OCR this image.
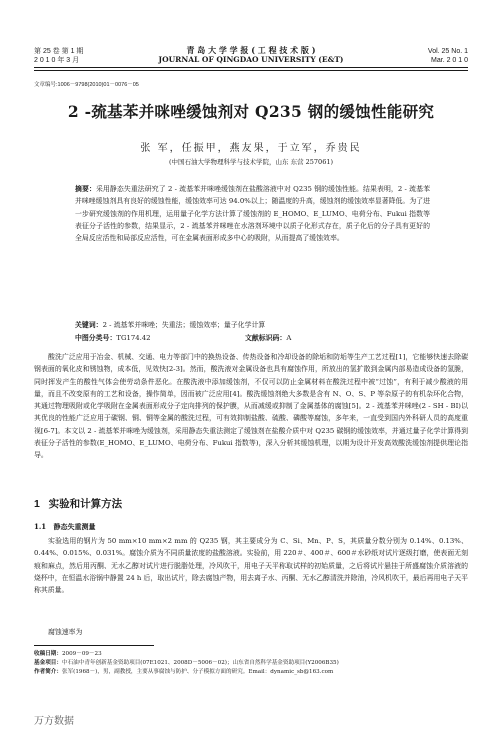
第 25 卷 第 1 期
2 0 1 0 年 3 月
青 岛 大 学 学 报 ( 工 程 技 术 版 )
JOURNAL OF QINGDAO UNIVERSITY (E&T)
Vol. 25 No. 1
Mar. 2 0 1 0
文章编号:1006－9798(2010)01－0076－05
2 -巯基苯并咪唑缓蚀剂对 Q235 钢的缓蚀性能研究
张 军，任振甲，燕友果，于立军，乔贵民
(中国石油大学物理科学与技术学院，山东 东营 257061)
摘要：采用静态失重法研究了 2 - 巯基苯并咪唑缓蚀剂在盐酸溶液中对 Q235 钢的缓蚀性能。结果表明，2 - 巯基苯并咪唑缓蚀剂具有良好的缓蚀性能，缓蚀效率可达 94.0%以上；随温度的升高，缓蚀剂的缓蚀效率显著降低。为了进一步研究缓蚀剂的作用机理，运用量子化学方法计算了缓蚀剂的 E_HOMO、E_LUMO、电荷分布、Fukui 指数等表征分子活性的参数，结果显示，2 - 巯基苯并咪唑在水溶剂环境中以质子化形式存在，质子化后的分子具有更好的全局反应活性和局部反应活性，可在金属表面形成多中心的吸附，从而提高了缓蚀效率。
关键词：2 - 巯基苯并咪唑；失重法；缓蚀效率；量子化学计算
中图分类号：TG174.42	文献标识码：A
酸洗广泛应用于冶金、机械、交通、电力等部门中的换热设备、传热设备和冷却设备的除垢和防垢等生产工艺过程[1]，它能够快速去除碳钢表面的氧化皮和锈蚀物，成本低，见效快[2-3]。然而，酸洗液对金属设备也具有腐蚀作用，所放出的氢扩散到金属内部易造成设备的氢脆，同时挥发产生的酸性气体会使劳动条件恶化。在酸洗液中添加缓蚀剂，不仅可以防止金属材料在酸洗过程中被“过蚀”，有利于减少酸液的用量，而且不改变原有的工艺和设备，操作简单，因而被广泛应用[4]。酸洗缓蚀剂绝大多数是含有 N、O、S、P 等杂原子的有机杂环化合物，其通过物理吸附或化学吸附在金属表面形成分子定向排列的保护膜，从而减缓或抑制了金属基体的腐蚀[5]。2 - 巯基苯并咪唑(2 - SH - BI)以其优良的性能广泛应用于碳钢、铜、铜等金属的酸洗过程，可有效抑制盐酸、硫酸、磷酸等腐蚀，多年来，一直受到国内外科研人员的高度重视[6-7]。本文以 2 - 巯基苯并咪唑为缓蚀剂，采用静态失重法测定了缓蚀剂在盐酸介质中对 Q235 碳钢的缓蚀效率，并通过量子化学计算得到表征分子活性的参数(E_HOMO、E_LUMO、电荷分布、Fukui 指数等)，深入分析其缓蚀机理，以期为设计开发高效酸洗缓蚀剂提供理论指导。
1 实验和计算方法
1.1 静态失重测量
实验选用的钢片为 50 mm×10 mm×2 mm 的 Q235 钢，其主要成分为 C、Si、Mn、P、S，其质量分数分别为 0.14%、0.13%、0.44%、0.015%、0.031%。腐蚀介质为不同质量浓度的盐酸溶液。实验前，用 220＃、400＃、600＃水砂纸对试片逐级打磨，使表面无刻痕和麻点，然后用丙酮、无水乙醇对试片进行脱脂处理，冷风吹干，用电子天平称取试样的初始质量，之后将试片悬挂于所盛腐蚀介质溶液的烧杯中，在恒温水浴锅中静置 24 h 后，取出试片，除去腐蚀产物，用去离子水、丙酮、无水乙醇清洗并除油，冷风机吹干，最后再用电子天平称其质量。
腐蚀速率为
收稿日期：2009－09－23
基金项目：中石油中青年创新基金资助项目(07E1021、2008D－5006－02)；山东省自然科学基金资助项目(Y2006B35)
作者简介：张军(1968－)，男，副教授，主要从事腐蚀与防护、分子模拟方面的研究。Email：dynamic_sb@163.com
万方数据
